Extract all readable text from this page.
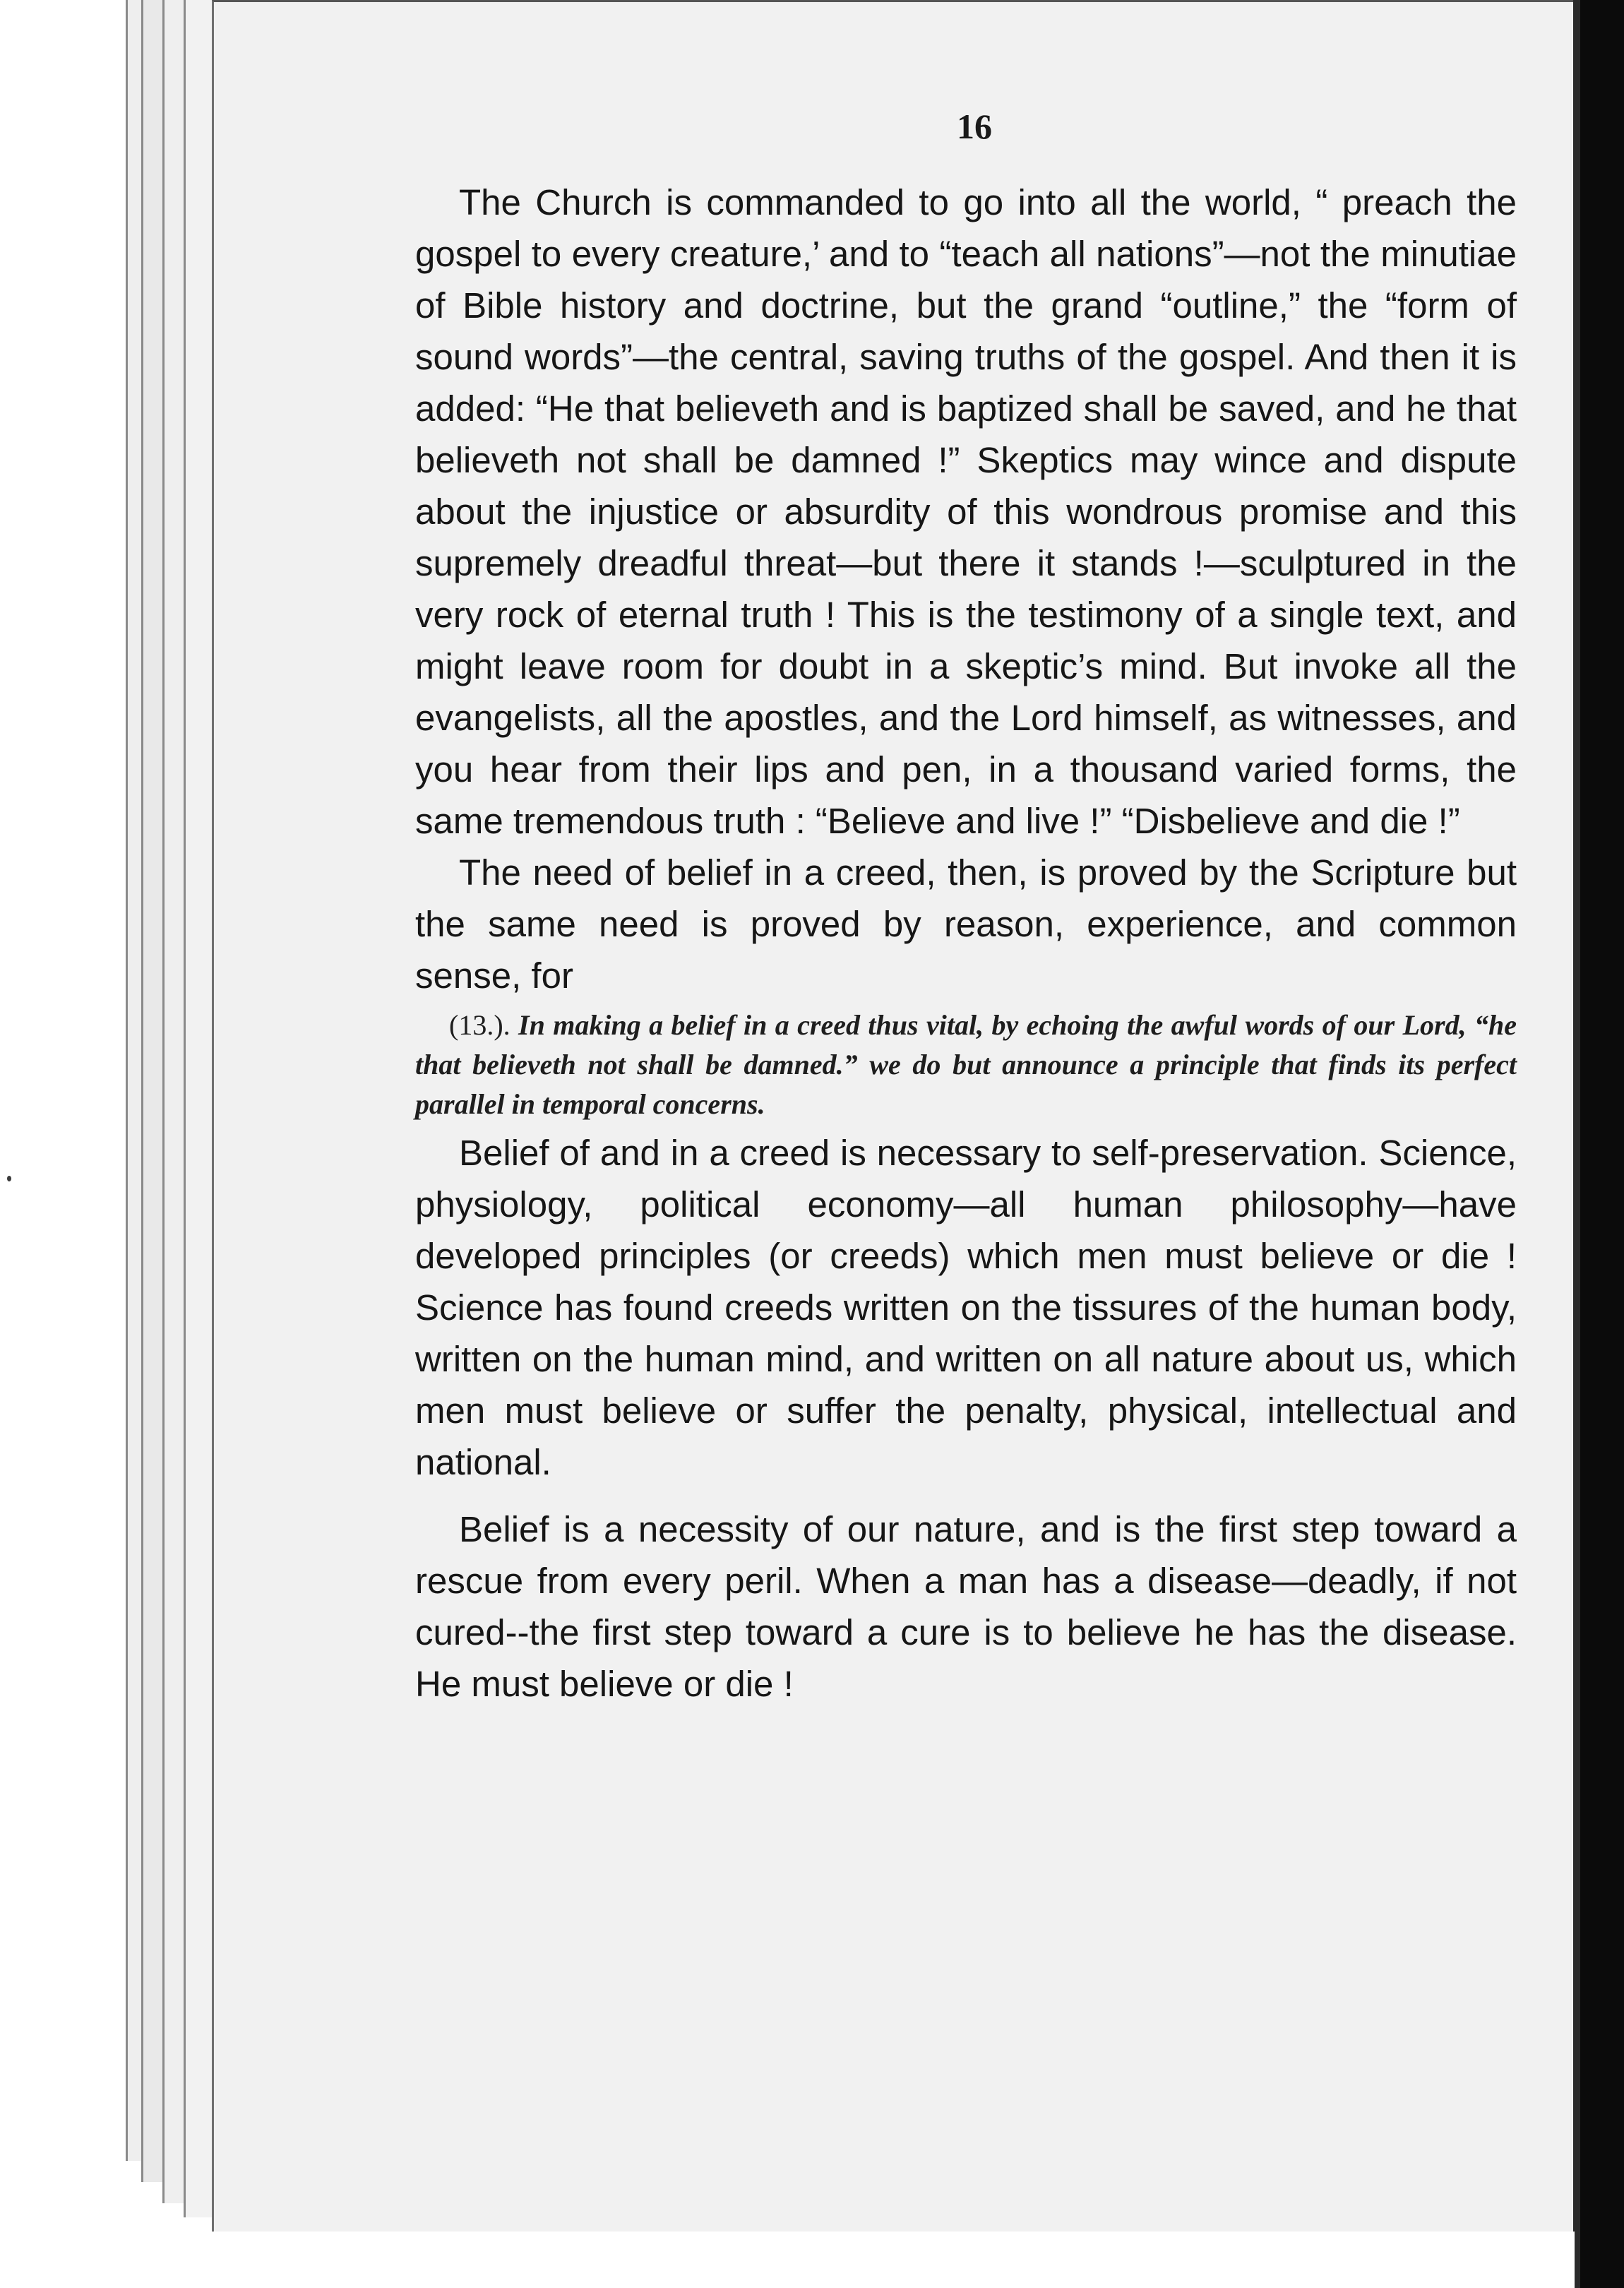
16

The Church is commanded to go into all the world, “ preach the gospel to every creature,’ and to “teach all nations”—not the minutiae of Bible history and doctrine, but the grand “outline,” the “form of sound words”—the central, saving truths of the gospel. And then it is added: “He that believeth and is baptized shall be saved, and he that believeth not shall be damned !” Skeptics may wince and dispute about the injustice or absurdity of this wondrous promise and this supremely dreadful threat—but there it stands !—sculptured in the very rock of eternal truth ! This is the testimony of a single text, and might leave room for doubt in a skeptic’s mind. But invoke all the evangelists, all the apostles, and the Lord himself, as witnesses, and you hear from their lips and pen, in a thousand varied forms, the same tremendous truth : “Believe and live !” “Disbelieve and die !”

The need of belief in a creed, then, is proved by the Scripture but the same need is proved by reason, experience, and common sense, for

(13.). In making a belief in a creed thus vital, by echoing the awful words of our Lord, “he that believeth not shall be damned.” we do but announce a principle that finds its perfect parallel in temporal concerns.

Belief of and in a creed is necessary to self-preservation. Science, physiology, political economy—all human philosophy—have developed principles (or creeds) which men must believe or die ! Science has found creeds written on the tissures of the human body, written on the human mind, and written on all nature about us, which men must believe or suffer the penalty, physical, intellectual and national.

Belief is a necessity of our nature, and is the first step toward a rescue from every peril. When a man has a disease—deadly, if not cured--the first step toward a cure is to believe he has the disease. He must believe or die !
